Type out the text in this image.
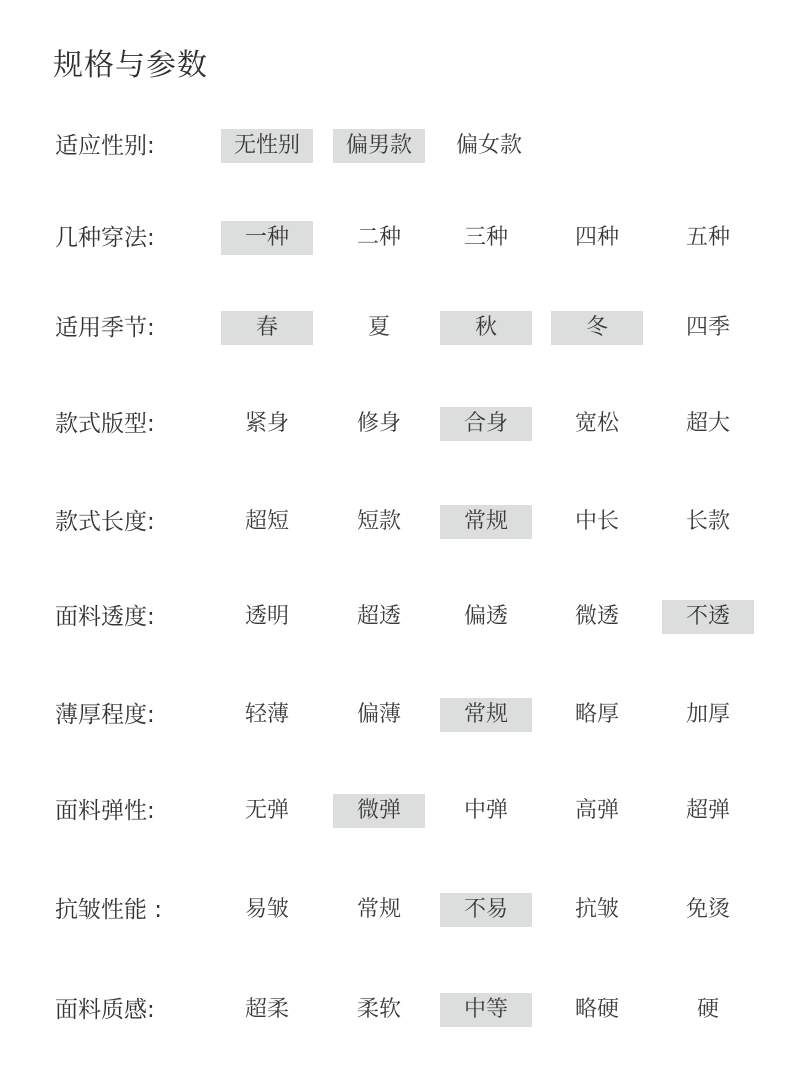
规格与参数
适应性别:	无性别	偏男款	偏女款
几种穿法:	一种	二种	三种	四种	五种
适用季节:	春	夏	秋	冬	四季
款式版型:	紧身	修身	合身	宽松	超大
款式长度:	超短	短款	常规	中长	长款
面料透度:	透明	超透	偏透	微透	不透
薄厚程度:	轻薄	偏薄	常规	略厚	加厚
面料弹性:	无弹	微弹	中弹	高弹	超弹
抗皱性能 :	易皱	常规	不易	抗皱	免烫
面料质感:	超柔	柔软	中等	略硬	硬
